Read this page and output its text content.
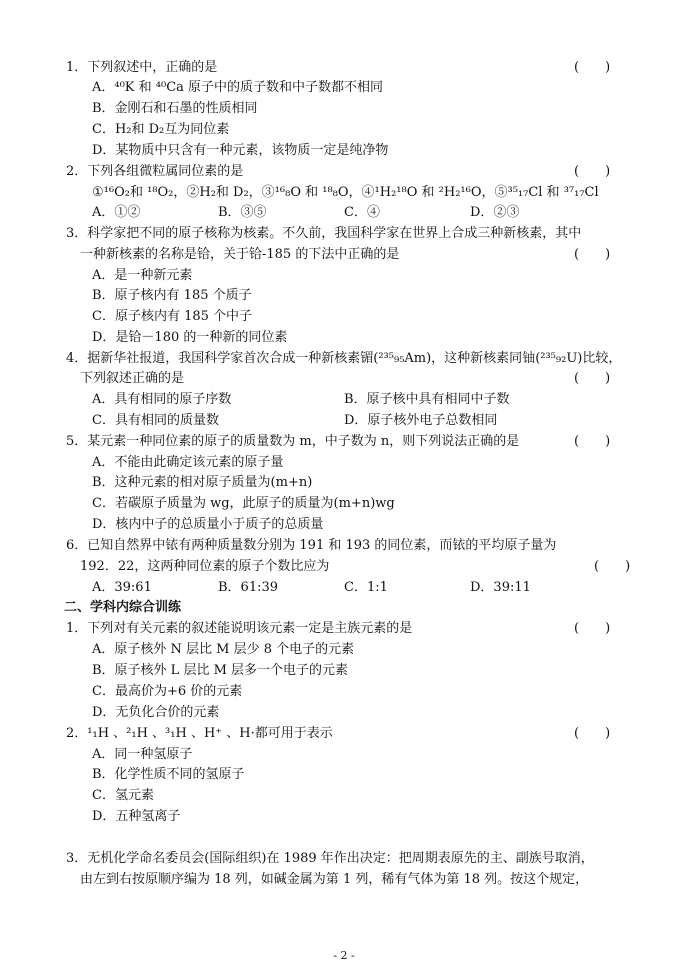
1．下列叙述中，正确的是	(　　)
A．⁴⁰K 和 ⁴⁰Ca 原子中的质子数和中子数都不相同
B．金刚石和石墨的性质相同
C．H₂和 D₂互为同位素
D．某物质中只含有一种元素，该物质一定是纯净物
2．下列各组微粒属同位素的是	(　　)
①¹⁶O₂和 ¹⁸O₂，②H₂和 D₂，③¹⁶₈O 和 ¹⁸₈O，④¹H₂¹⁸O 和 ²H₂¹⁶O，⑤³⁵₁₇Cl 和 ³⁷₁₇Cl
A．①②	B．③⑤	C．④	D．②③
3．科学家把不同的原子核称为核素。不久前，我国科学家在世界上合成三种新核素，其中
一种新核素的名称是铪，关于铪-185 的下法中正确的是	(　　)
A．是一种新元素
B．原子核内有 185 个质子
C．原子核内有 185 个中子
D．是铪－180 的一种新的同位素
4．据新华社报道，我国科学家首次合成一种新核素镅(²³⁵₉₅Am)，这种新核素同铀(²³⁵₉₂U)比较，
下列叙述正确的是	(　　)
A．具有相同的原子序数	B．原子核中具有相同中子数
C．具有相同的质量数	D．原子核外电子总数相同
5．某元素一种同位素的原子的质量数为 m，中子数为 n，则下列说法正确的是	(　　)
A．不能由此确定该元素的原子量
B．这种元素的相对原子质量为(m+n)
C．若碳原子质量为 wg，此原子的质量为(m+n)wg
D．核内中子的总质量小于质子的总质量
6．已知自然界中铱有两种质量数分别为 191 和 193 的同位素，而铱的平均原子量为
192．22，这两种同位素的原子个数比应为	(　　)
A．39:61	B．61:39	C．1:1	D．39:11
二、学科内综合训练
1．下列对有关元素的叙述能说明该元素一定是主族元素的是	(　　)
A．原子核外 N 层比 M 层少 8 个电子的元素
B．原子核外 L 层比 M 层多一个电子的元素
C．最高价为+6 价的元素
D．无负化合价的元素
2．¹₁H 、²₁H 、³₁H 、H⁺ 、H·都可用于表示	(　　)
A．同一种氢原子
B．化学性质不同的氢原子
C．氢元素
D．五种氢离子
3．无机化学命名委员会(国际组织)在 1989 年作出决定：把周期表原先的主、副族号取消，
由左到右按原顺序编为 18 列，如碱金属为第 1 列，稀有气体为第 18 列。按这个规定，
- 2 -
